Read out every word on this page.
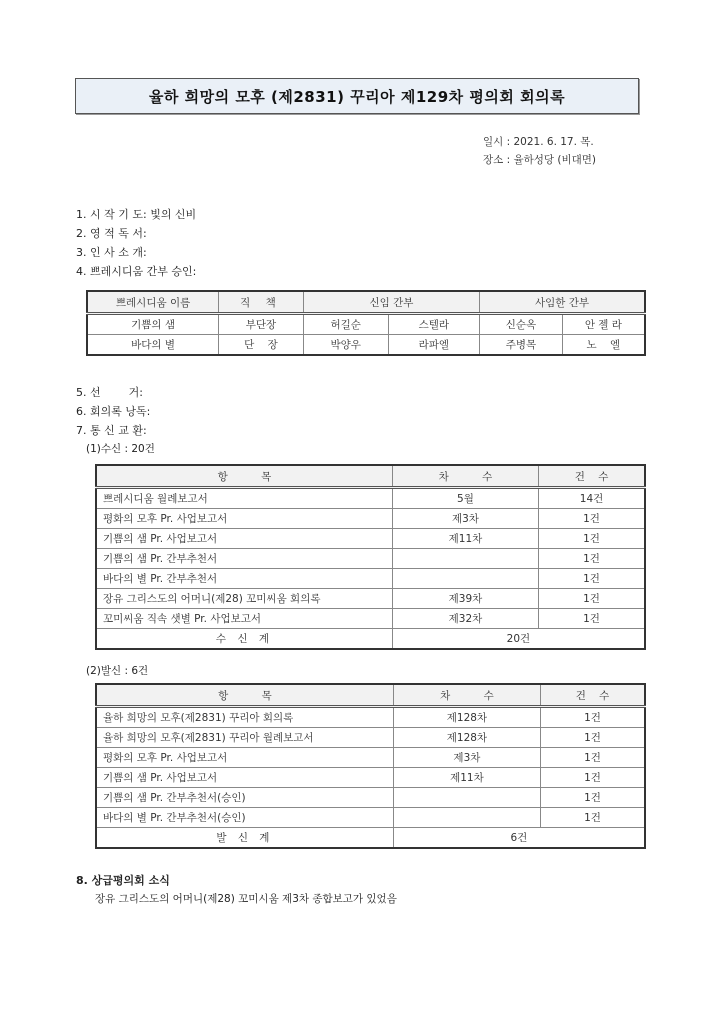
율하 희망의 모후 (제2831) 꾸리아 제129차 평의회 회의록
일시 : 2021. 6. 17. 목.
장소 : 율하성당 (비대면)
1. 시 작 기 도: 빛의 신비
2. 영 적 독 서:
3. 인 사 소 개:
4. 쁘레시디움 간부 승인:
쁘레시디움 이름	직 책	신임 간부		사임한 간부	
기쁨의 샘	부단장	허길순	스텔라	신순옥	안 젤 라
바다의 별	단    장	박양우	라파엘	주병목	노    엘
5. 선        거:
6. 회의록 낭독:
7. 통 신 교 환:
(1)수신 : 20건
항          목	차          수	건    수
쁘레시디움 월례보고서	5월	14건
평화의 모후 Pr. 사업보고서	제3차	1건
기쁨의 샘 Pr. 사업보고서	제11차	1건
기쁨의 샘 Pr. 간부추천서		1건
바다의 별 Pr. 간부추천서		1건
장유 그리스도의 어머니(제28) 꼬미씨움 회의록	제39차	1건
꼬미씨움 직속 샛별 Pr. 사업보고서	제32차	1건
수 신 계	20건	
(2)발신 : 6건
항          목	차          수	건    수
율하 희망의 모후(제2831) 꾸리아 회의록	제128차	1건
율하 희망의 모후(제2831) 꾸리아 월례보고서	제128차	1건
평화의 모후 Pr. 사업보고서	제3차	1건
기쁨의 샘 Pr. 사업보고서	제11차	1건
기쁨의 샘 Pr. 간부추천서(승인)		1건
바다의 별 Pr. 간부추천서(승인)		1건
발 신 계	6건	
8. 상급평의회 소식
장유 그리스도의 어머니(제28) 꼬미시움 제3차 종합보고가 있었음
